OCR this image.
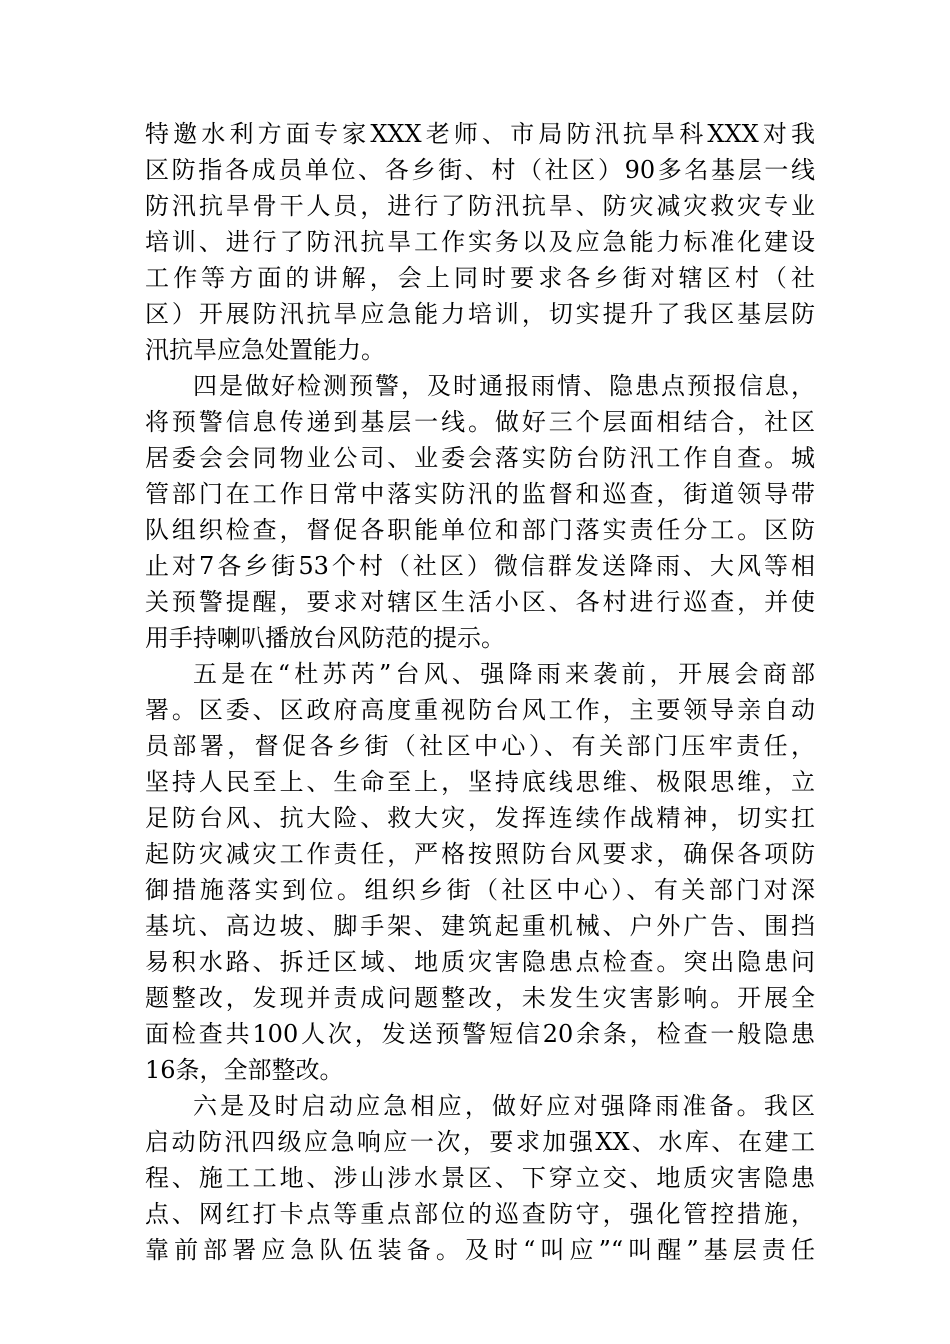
特邀水利方面专家XXX老师、市局防汛抗旱科XXX对我
区防指各成员单位、各乡街、村（社区）90多名基层一线
防汛抗旱骨干人员，进行了防汛抗旱、防灾减灾救灾专业
培训、进行了防汛抗旱工作实务以及应急能力标准化建设
工作等方面的讲解，会上同时要求各乡街对辖区村（社
区）开展防汛抗旱应急能力培训，切实提升了我区基层防
汛抗旱应急处置能力。
四是做好检测预警，及时通报雨情、隐患点预报信息，
将预警信息传递到基层一线。做好三个层面相结合，社区
居委会会同物业公司、业委会落实防台防汛工作自查。城
管部门在工作日常中落实防汛的监督和巡查，街道领导带
队组织检查，督促各职能单位和部门落实责任分工。区防
止对7各乡街53个村（社区）微信群发送降雨、大风等相
关预警提醒，要求对辖区生活小区、各村进行巡查，并使
用手持喇叭播放台风防范的提示。
五是在“杜苏芮”台风、强降雨来袭前，开展会商部
署。区委、区政府高度重视防台风工作，主要领导亲自动
员部署，督促各乡街（社区中心）、有关部门压牢责任，
坚持人民至上、生命至上，坚持底线思维、极限思维，立
足防台风、抗大险、救大灾，发挥连续作战精神，切实扛
起防灾减灾工作责任，严格按照防台风要求，确保各项防
御措施落实到位。组织乡街（社区中心）、有关部门对深
基坑、高边坡、脚手架、建筑起重机械、户外广告、围挡
易积水路、拆迁区域、地质灾害隐患点检查。突出隐患问
题整改，发现并责成问题整改，未发生灾害影响。开展全
面检查共100人次，发送预警短信20余条，检查一般隐患
16条，全部整改。
六是及时启动应急相应，做好应对强降雨准备。我区
启动防汛四级应急响应一次，要求加强XX、水库、在建工
程、施工工地、涉山涉水景区、下穿立交、地质灾害隐患
点、网红打卡点等重点部位的巡查防守，强化管控措施，
靠前部署应急队伍装备。及时“叫应”“叫醒”基层责任
